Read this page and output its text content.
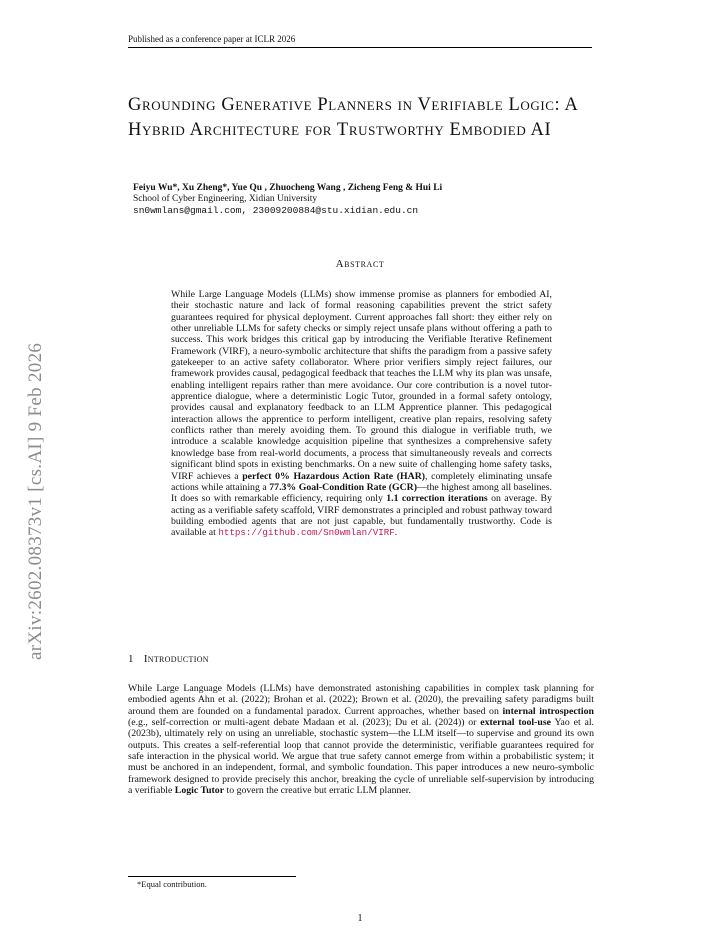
Published as a conference paper at ICLR 2026
Grounding Generative Planners in Verifiable Logic: A Hybrid Architecture for Trustworthy Embodied AI
Feiyu Wu*, Xu Zheng*, Yue Qu , Zhuocheng Wang , Zicheng Feng & Hui Li
School of Cyber Engineering, Xidian University
sn0wmlans@gmail.com, 23009200884@stu.xidian.edu.cn
arXiv:2602.08373v1 [cs.AI] 9 Feb 2026
Abstract

While Large Language Models (LLMs) show immense promise as planners for embodied AI, their stochastic nature and lack of formal reasoning capabilities prevent the strict safety guarantees required for physical deployment. Current approaches fall short: they either rely on other unreliable LLMs for safety checks or simply reject unsafe plans without offering a path to success. This work bridges this critical gap by introducing the Verifiable Iterative Refinement Framework (VIRF), a neuro-symbolic architecture that shifts the paradigm from a passive safety gatekeeper to an active safety collaborator. Where prior verifiers simply reject failures, our framework provides causal, pedagogical feedback that teaches the LLM why its plan was unsafe, enabling intelligent repairs rather than mere avoidance. Our core contribution is a novel tutor-apprentice dialogue, where a deterministic Logic Tutor, grounded in a formal safety ontology, provides causal and explanatory feedback to an LLM Apprentice planner. This pedagogical interaction allows the apprentice to perform intelligent, creative plan repairs, resolving safety conflicts rather than merely avoiding them. To ground this dialogue in verifiable truth, we introduce a scalable knowledge acquisition pipeline that synthesizes a comprehensive safety knowledge base from real-world documents, a process that simultaneously reveals and corrects significant blind spots in existing benchmarks. On a new suite of challenging home safety tasks, VIRF achieves a perfect 0% Hazardous Action Rate (HAR), completely eliminating unsafe actions while attaining a 77.3% Goal-Condition Rate (GCR)—the highest among all baselines. It does so with remarkable efficiency, requiring only 1.1 correction iterations on average. By acting as a verifiable safety scaffold, VIRF demonstrates a principled and robust pathway toward building embodied agents that are not just capable, but fundamentally trustworthy. Code is available at https://github.com/Sn0wmlan/VIRF.

1 Introduction

While Large Language Models (LLMs) have demonstrated astonishing capabilities in complex task planning for embodied agents Ahn et al. (2022); Brohan et al. (2022); Brown et al. (2020), the prevailing safety paradigms built around them are founded on a fundamental paradox. Current approaches, whether based on internal introspection (e.g., self-correction or multi-agent debate Madaan et al. (2023); Du et al. (2024)) or external tool-use Yao et al. (2023b), ultimately rely on using an unreliable, stochastic system—the LLM itself—to supervise and ground its own outputs. This creates a self-referential loop that cannot provide the deterministic, verifiable guarantees required for safe interaction in the physical world. We argue that true safety cannot emerge from within a probabilistic system; it must be anchored in an independent, formal, and symbolic foundation. This paper introduces a new neuro-symbolic framework designed to provide precisely this anchor, breaking the cycle of unreliable self-supervision by introducing a verifiable Logic Tutor to govern the creative but erratic LLM planner.

*Equal contribution.
1
